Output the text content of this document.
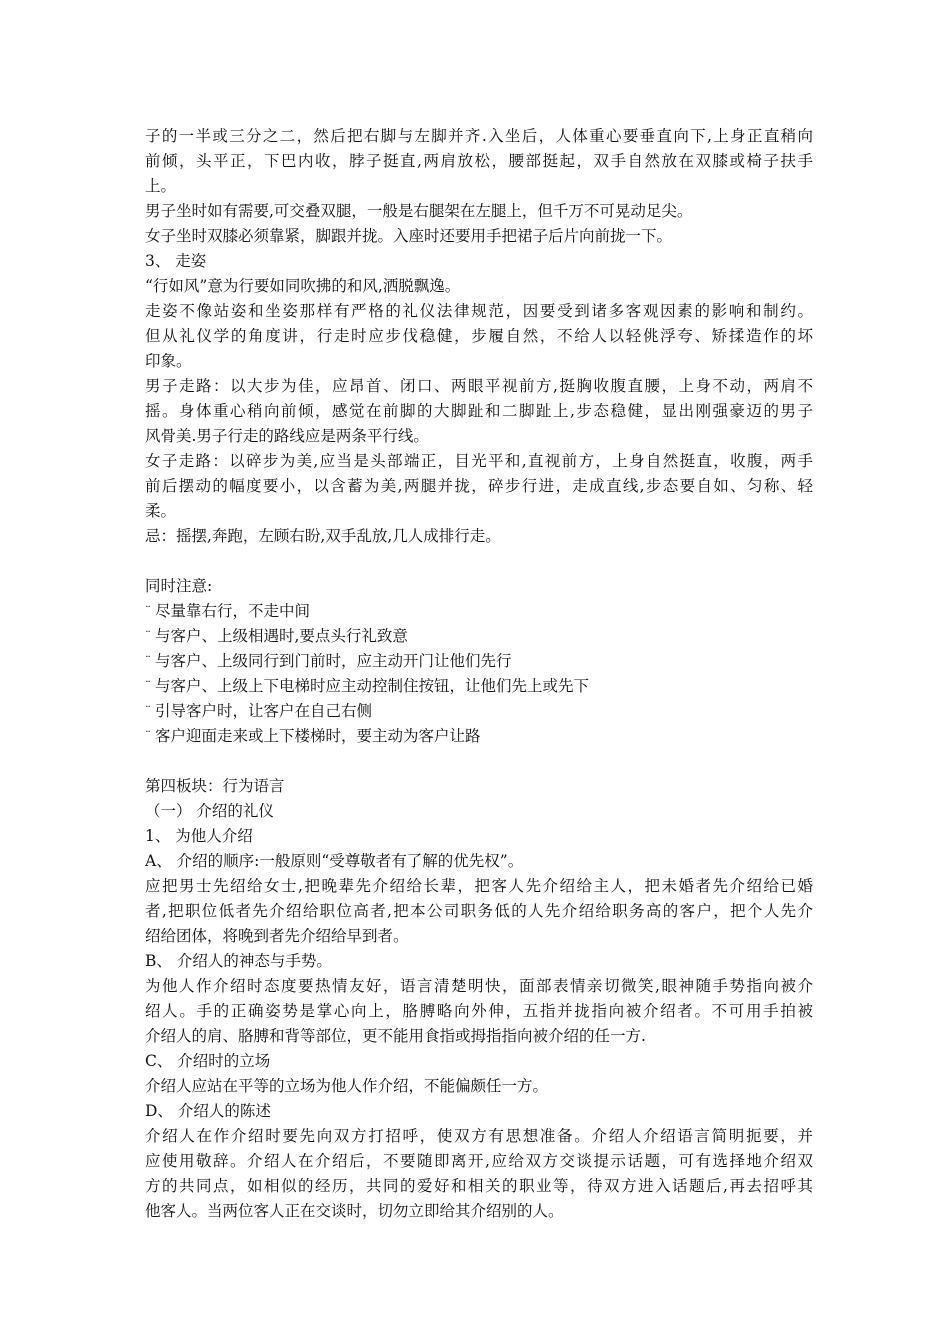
子的一半或三分之二，然后把右脚与左脚并齐.入坐后，人体重心要垂直向下,上身正直稍向
前倾，头平正，下巴内收，脖子挺直,两肩放松，腰部挺起，双手自然放在双膝或椅子扶手
上。
男子坐时如有需要,可交叠双腿，一般是右腿架在左腿上，但千万不可晃动足尖。
女子坐时双膝必须靠紧，脚跟并拢。入座时还要用手把裙子后片向前拢一下。
3、 走姿
“行如风”意为行要如同吹拂的和风,洒脱飘逸。
走姿不像站姿和坐姿那样有严格的礼仪法律规范，因要受到诸多客观因素的影响和制约。
但从礼仪学的角度讲，行走时应步伐稳健，步履自然，不给人以轻佻浮夸、矫揉造作的坏
印象。
男子走路：以大步为佳，应昂首、闭口、两眼平视前方,挺胸收腹直腰，上身不动，两肩不
摇。身体重心稍向前倾，感觉在前脚的大脚趾和二脚趾上,步态稳健，显出刚强豪迈的男子
风骨美.男子行走的路线应是两条平行线。
女子走路：以碎步为美,应当是头部端正，目光平和,直视前方，上身自然挺直，收腹，两手
前后摆动的幅度要小，以含蓄为美,两腿并拢，碎步行进，走成直线,步态要自如、匀称、轻
柔。
忌：摇摆,奔跑，左顾右盼,双手乱放,几人成排行走。
同时注意:
¨ 尽量靠右行，不走中间
¨ 与客户、上级相遇时,要点头行礼致意
¨ 与客户、上级同行到门前时，应主动开门让他们先行
¨ 与客户、上级上下电梯时应主动控制住按钮，让他们先上或先下
¨ 引导客户时，让客户在自己右侧
¨ 客户迎面走来或上下楼梯时，要主动为客户让路
第四板块：行为语言
（一） 介绍的礼仪
1、 为他人介绍
A、 介绍的顺序:一般原则“受尊敬者有了解的优先权”。
应把男士先绍给女士,把晚辈先介绍给长辈，把客人先介绍给主人，把未婚者先介绍给已婚
者,把职位低者先介绍给职位高者,把本公司职务低的人先介绍给职务高的客户，把个人先介
绍给团体，将晚到者先介绍给早到者。
B、 介绍人的神态与手势。
为他人作介绍时态度要热情友好，语言清楚明快，面部表情亲切微笑,眼神随手势指向被介
绍人。手的正确姿势是掌心向上，胳膊略向外伸，五指并拢指向被介绍者。不可用手拍被
介绍人的肩、胳膊和背等部位，更不能用食指或拇指指向被介绍的任一方.
C、 介绍时的立场
介绍人应站在平等的立场为他人作介绍，不能偏颇任一方。
D、 介绍人的陈述
介绍人在作介绍时要先向双方打招呼，使双方有思想准备。介绍人介绍语言简明扼要，并
应使用敬辞。介绍人在介绍后，不要随即离开,应给双方交谈提示话题，可有选择地介绍双
方的共同点，如相似的经历，共同的爱好和相关的职业等，待双方进入话题后,再去招呼其
他客人。当两位客人正在交谈时，切勿立即给其介绍别的人。
